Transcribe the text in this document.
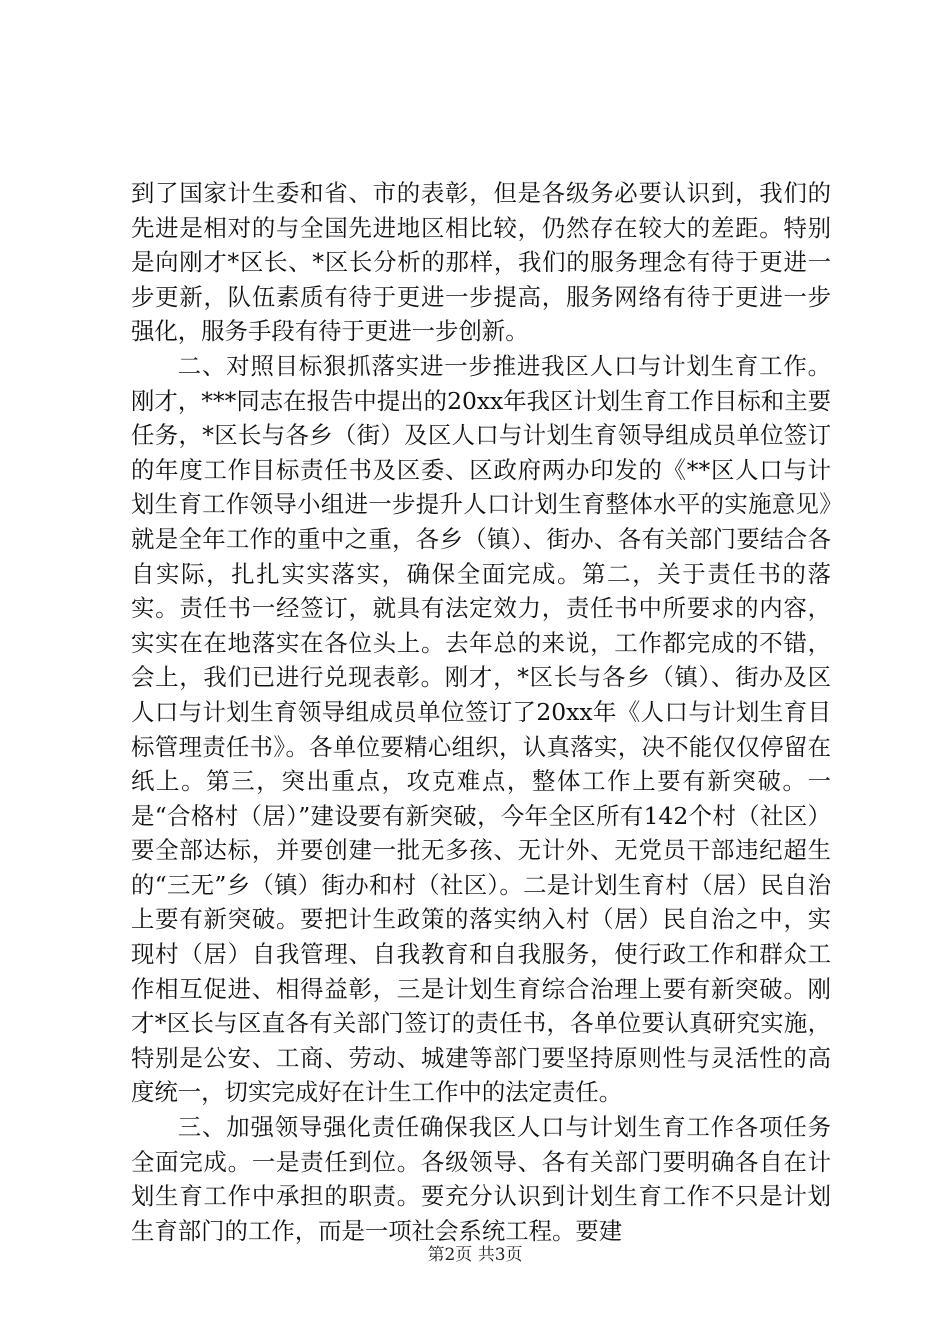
到了国家计生委和省、市的表彰，但是各级务必要认识到，我们的先进是相对的与全国先进地区相比较，仍然存在较大的差距。特别是向刚才*区长、*区长分析的那样，我们的服务理念有待于更进一步更新，队伍素质有待于更进一步提高，服务网络有待于更进一步强化，服务手段有待于更进一步创新。

二、对照目标狠抓落实进一步推进我区人口与计划生育工作。刚才，***同志在报告中提出的20xx年我区计划生育工作目标和主要任务，*区长与各乡（街）及区人口与计划生育领导组成员单位签订的年度工作目标责任书及区委、区政府两办印发的《**区人口与计划生育工作领导小组进一步提升人口计划生育整体水平的实施意见》就是全年工作的重中之重，各乡（镇）、街办、各有关部门要结合各自实际，扎扎实实落实，确保全面完成。第二，关于责任书的落实。责任书一经签订，就具有法定效力，责任书中所要求的内容，实实在在地落实在各位头上。去年总的来说，工作都完成的不错，会上，我们已进行兑现表彰。刚才，*区长与各乡（镇）、街办及区人口与计划生育领导组成员单位签订了20xx年《人口与计划生育目标管理责任书》。各单位要精心组织，认真落实，决不能仅仅停留在纸上。第三，突出重点，攻克难点，整体工作上要有新突破。一是“合格村（居）”建设要有新突破，今年全区所有142个村（社区）要全部达标，并要创建一批无多孩、无计外、无党员干部违纪超生的“三无”乡（镇）街办和村（社区）。二是计划生育村（居）民自治上要有新突破。要把计生政策的落实纳入村（居）民自治之中，实现村（居）自我管理、自我教育和自我服务，使行政工作和群众工作相互促进、相得益彰，三是计划生育综合治理上要有新突破。刚才*区长与区直各有关部门签订的责任书，各单位要认真研究实施，特别是公安、工商、劳动、城建等部门要坚持原则性与灵活性的高度统一，切实完成好在计生工作中的法定责任。

三、加强领导强化责任确保我区人口与计划生育工作各项任务全面完成。一是责任到位。各级领导、各有关部门要明确各自在计划生育工作中承担的职责。要充分认识到计划生育工作不只是计划生育部门的工作，而是一项社会系统工程。要建

第2页 共3页
